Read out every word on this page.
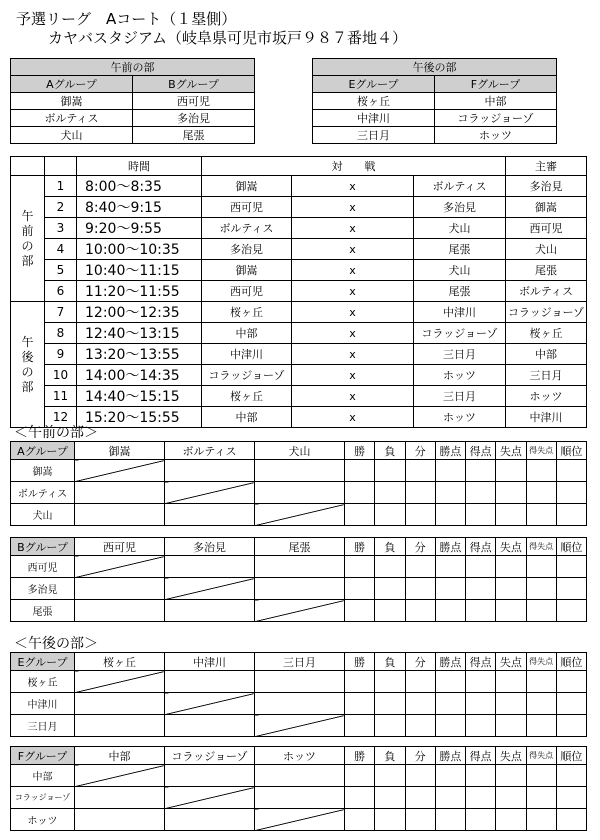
予選リーグ　Aコート（１塁側）
カヤバスタジアム（岐阜県可児市坂戸９８７番地４）
午前の部	
Aグループ	Bグループ
御嵩	西可児
ボルティス	多治見
犬山	尾張
午後の部	
Eグループ	Fグループ
桜ヶ丘	中部
中津川	コラッジョーゾ
三日月	ホッツ
		時間	対　　戦			主審
午前の部	1	8:00～8:35	御嵩	x	ボルティス	多治見
	2	8:40～9:15	西可児	x	多治見	御嵩
	3	9:20～9:55	ボルティス	x	犬山	西可児
	4	10:00～10:35	多治見	x	尾張	犬山
	5	10:40～11:15	御嵩	x	犬山	尾張
	6	11:20～11:55	西可児	x	尾張	ボルティス
午後の部	7	12:00～12:35	桜ヶ丘	x	中津川	コラッジョーゾ
	8	12:40～13:15	中部	x	コラッジョーゾ	桜ヶ丘
	9	13:20～13:55	中津川	x	三日月	中部
	10	14:00～14:35	コラッジョーゾ	x	ホッツ	三日月
	11	14:40～15:15	桜ヶ丘	x	三日月	ホッツ
	12	15:20～15:55	中部	x	ホッツ	中津川
＜午前の部＞
＜午後の部＞
Aグループ	御嵩	ボルティス	犬山	勝	負	分	勝点	得点	失点	得失点	順位
御嵩											
ボルティス											
犬山											
Bグループ	西可児	多治見	尾張	勝	負	分	勝点	得点	失点	得失点	順位
西可児											
多治見											
尾張											
Eグループ	桜ヶ丘	中津川	三日月	勝	負	分	勝点	得点	失点	得失点	順位
桜ヶ丘											
中津川											
三日月											
Fグループ	中部	コラッジョーゾ	ホッツ	勝	負	分	勝点	得点	失点	得失点	順位
中部											
コラッジョーゾ											
ホッツ											
